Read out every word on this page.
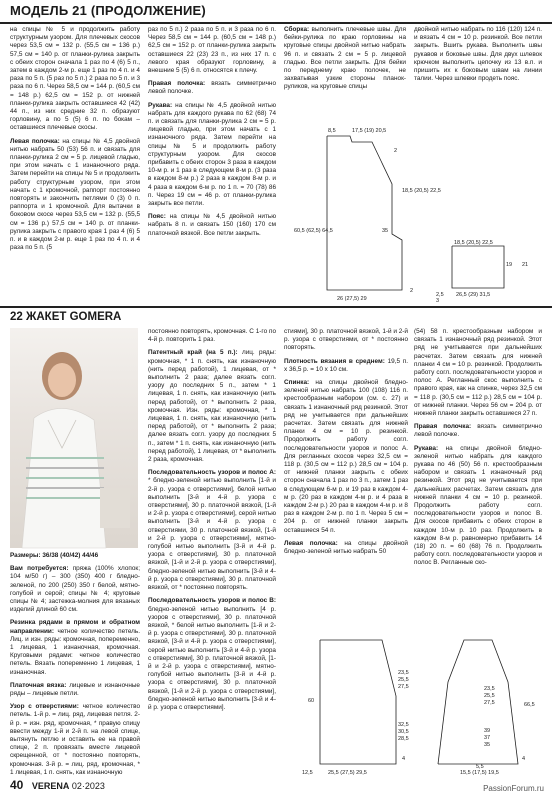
МОДЕЛЬ 21 (ПРОДОЛЖЕНИЕ)

на спицы № 5 и продолжить работу структурным узором. Для плечевых скосов через 53,5 см = 132 р. (55,5 см = 136 р.) 57,5 см = 140 р. от планки-рулика закрыть с обеих сторон сначала 1 раз по 4 (6) 5 п., затем в каждом 2-м р. еще 1 раз по 4 п. и 4 раза по 5 п. (5 раз по 5 п.) 2 раза по 5 п. и 3 раза по 6 п. Через 58,5 см = 144 р. (60,5 см = 148 р.) 62,5 см = 152 р. от нижней планки-рулика закрыть оставшиеся 42 (42) 44 п., из них средние 32 п. образуют горловину, а по 5 (5) 6 п. по бокам – оставшиеся плечевые скосы.

Левая полочка: на спицы № 4,5 двойной нитью набрать 50 (53) 56 п. и связать для планки-рулика 2 см = 5 р. лицевой гладью, при этом начать с 1 изнаночного ряда. Затем перейти на спицы № 5 и продолжить работу структурным узором, при этом начать с 1 кромочной, раппорт постоянно повторять и закончить петлями 0 (3) 0 п. раппорта и 1 кромочной. Для вытачки в боковом скосе через 53,5 см = 132 р. (55,5 см = 136 р.) 57,5 см = 140 р. от планки-рулика закрыть с правого края 1 раз 4 (6) 5 п. и в каждом 2-м р. еще 1 раз по 4 п. и 4 раза по 5 п. (5

раз по 5 п.) 2 раза по 5 п. и 3 раза по 6 п. Через 58,5 см = 144 р. (60,5 см = 148 р.) 62,5 см = 152 р. от планки-рулика закрыть оставшиеся 22 (23) 23 п., из них 17 п. с левого края образуют горловину, а внешние 5 (5) 6 п. относятся к плечу.

Правая полочка: вязать симметрично левой полочке.

Рукава: на спицы № 4,5 двойной нитью набрать для каждого рукава по 62 (68) 74 п. и связать для планки-рулика 2 см = 5 р. лицевой гладью, при этом начать с 1 изнаночного ряда. Затем перейти на спицы № 5 и продолжить работу структурным узором. Для скосов прибавить с обеих сторон 3 раза в каждом 10-м р. и 1 раз в следующем 8-м р. (3 раза в каждом 8-м р.) 2 раза в каждом 8-м р. и 4 раза в каждом 6-м р. по 1 п. = 70 (78) 86 п. Через 19 см = 46 р. от планки-рулика закрыть все петли.

Пояс: на спицы № 4,5 двойной нитью набрать 8 п. и связать 150 (160) 170 см платочной вязкой. Все петли закрыть.

Сборка: выполнить плечевые швы. Для бейки-рулика по краю горловины на круговые спицы двойной нитью набрать 96 п. и связать 2 см = 5 р. лицевой гладью. Все петли закрыть. Для бейки по переднему краю полочек, не захватывая узкие стороны планок-руликов, на круговые спицы

двойной нитью набрать по 116 (120) 124 п. и вязать 4 см = 10 р. резинкой. Все петли закрыть. Вшить рукава. Выполнить швы рукавов и боковые швы. Для двух шлевок крючком выполнить цепочку из 13 в.п. и пришить их к боковым швам на линии талии. Через шлевки продеть пояс.

8,5	17,5 (19) 20,5
2
18,5 (20,5) 22,5
60,5 (62,5) 64,5	35
26 (27,5) 29
2
18,5 (20,5) 22,5
19 21
26,5 (29) 31,5
2,5
3
22 ЖАКЕТ GOMERA

Размеры: 36/38 (40/42) 44/46

Вам потребуется: пряжа (100% хлопок; 104 м/50 г) – 300 (350) 400 г бледно-зеленой, по 200 (250) 350 г белой, мятно-голубой и серой; спицы № 4; круговые спицы № 4; застежка-молния для вязаных изделий длиной 60 см.

Резинка рядами в прямом и обратном направлении: четное количество петель. Лиц. и изн. ряды: кромочная, попеременно, 1 лицевая, 1 изнаночная, кромочная. Круговыми рядами: четное количество петель. Вязать попеременно 1 лицевая, 1 изнаночная.

Платочная вязка: лицевые и изнаночные ряды – лицевые петли.

Узор с отверстиями: четное количество петель. 1-й р. = лиц. ряд, лицевая петля. 2-й р. = изн. ряд, кромочная, * правую спицу ввести между 1-й и 2-й п. на левой спице, вытянуть петлю и оставить ее на правой спице, 2 п. провязать вместе лицевой скрещенной, от * постоянно повторять, кромочная. 3-й р. = лиц. ряд, кромочная, * 1 лицевая, 1 п. снять, как изнаночную

постоянно повторять, кромочная. С 1-го по 4-й р. повторить 1 раз.

Патентный край (на 5 п.): лиц. ряды: кромочная, * 1 п. снять, как изнаночную (нить перед работой), 1 лицевая, от * выполнить 2 раза; далее вязать согл. узору до последних 5 п., затем * 1 лицевая, 1 п. снять, как изнаночную (нить перед работой), от * выполнить 2 раза, кромочная. Изн. ряды: кромочная, * 1 лицевая, 1 п. снять, как изнаночную (нить перед работой), от * выполнить 2 раза; далее вязать согл. узору до последних 5 п., затем * 1 п. снять, как изнаночную (нить перед работой), 1 лицевая, от * выполнить 2 раза, кромочная.

Последовательность узоров и полос A: * бледно-зеленой нитью выполнить [1-й и 2-й р. узора с отверстиями], белой нитью выполнить [3-й и 4-й р. узора с отверстиями], 30 р. платочной вязкой, [1-й и 2-й р. узора с отверстиями], серой нитью выполнить [3-й и 4-й р. узора с отверстиями, 30 р. платочной вязкой, [1-й и 2-й р. узора с отверстиями], мятно-голубой нитью выполнить [3-й и 4-й р. узора с отверстиями], 30 р. платочной вязкой, [1-й и 2-й р. узора с отверстиями], бледно-зеленой нитью выполнить [3-й и 4-й р. узора с отверстиями], 30 р. платочной вязкой, от * постоянно повторять.

Последовательность узоров и полос В: бледно-зеленой нитью выполнить [4 р. узоров с отверстиями], 30 р. платочной вязкой, * белой нитью выполнить [1-й и 2-й р. узора с отверстиями], 30 р. платочной вязкой, [3-й и 4-й р. узора с отверстиями], серой нитью выполнить [3-й и 4-й р. узора с отверстиями], 30 р. платочной вязкой, [1-й и 2-й р. узора с отверстиями], мятно-голубой нитью выполнить [3-й и 4-й р. узора с отверстиями], 30 р. платочной вязкой, [1-й и 2-й р. узора с отверстиями], бледно-зеленой нитью выполнить [3-й и 4-й р. узора с отверстиями].

стиями], 30 р. платочной вязкой, 1-й и 2-й р. узора с отверстиями, от * постоянно повторять.

Плотность вязания в среднем: 19,5 п. х 36,5 р. = 10 х 10 см.

Спинка: на спицы двойной бледно-зеленой нитью набрать 100 (108) 116 п. крестообразным набором (см. с. 27) и связать 1 изнаночный ряд резинкой. Этот ряд не учитывается при дальнейших расчетах. Затем связать для нижней планки 4 см = 10 р. резинкой. Продолжить работу согл. последовательности узоров и полос А. Для регланных скосов через 32,5 см = 118 р. (30,5 см = 112 р.) 28,5 см = 104 р. от нижней планки закрыть с обеих сторон сначала 1 раз по 3 п., затем 1 раз в следующем 6-м р. и 19 раз в каждом 4-м р. (20 раз в каждом 4-м р. и 4 раза в каждом 2-м р.) 20 раз в каждом 4-м р. и 8 раз в каждом 2-м р. по 1 п. Через 5 см = 204 р. от нижней планки закрыть оставшиеся 54 п.

Левая полочка: на спицы двойной бледно-зеленой нитью набрать 50

(54) 58 п. крестообразным набором и связать 1 изнаночный ряд резинкой. Этот ряд не учитывается при дальнейших расчетах. Затем связать для нижней планки 4 см = 10 р. резинкой. Продолжить работу согл. последовательности узоров и полос А. Регланный скос выполнить с правого края, как на спинке, через 32,5 см = 118 р. (30,5 см = 112 р.) 28,5 см = 104 р. от нижней планки. Через 56 см = 204 р. от нижней планки закрыть оставшиеся 27 п.

Правая полочка: вязать симметрично левой полочке.

Рукава: на спицы двойной бледно-зеленой нитью набрать для каждого рукава по 46 (50) 56 п. крестообразным набором и связать 1 изнаночный ряд резинкой. Этот ряд не учитывается при дальнейших расчетах. Затем связать для нижней планки 4 см = 10 р. резинкой. Продолжить работу согл. последовательности узоров и полос В. Для скосов прибавить с обеих сторон в каждом 10-м р. 10 раз. Продолжить в каждом 8-м р. равномерно прибавить 14 (18) 20 п. = 60 (68) 76 п. Продолжить работу согл. последовательности узоров и полос В. Регланные ско-

23,5
25,5
27,5
60
32,5
30,5
28,5
4
25,5 (27,5) 29,5
12,5
23,5
25,5
27,5	66,5
39
37
35
4
15,5 (17,5) 19,5
5,5
40 VERENA 02·2023	PassionForum.ru
